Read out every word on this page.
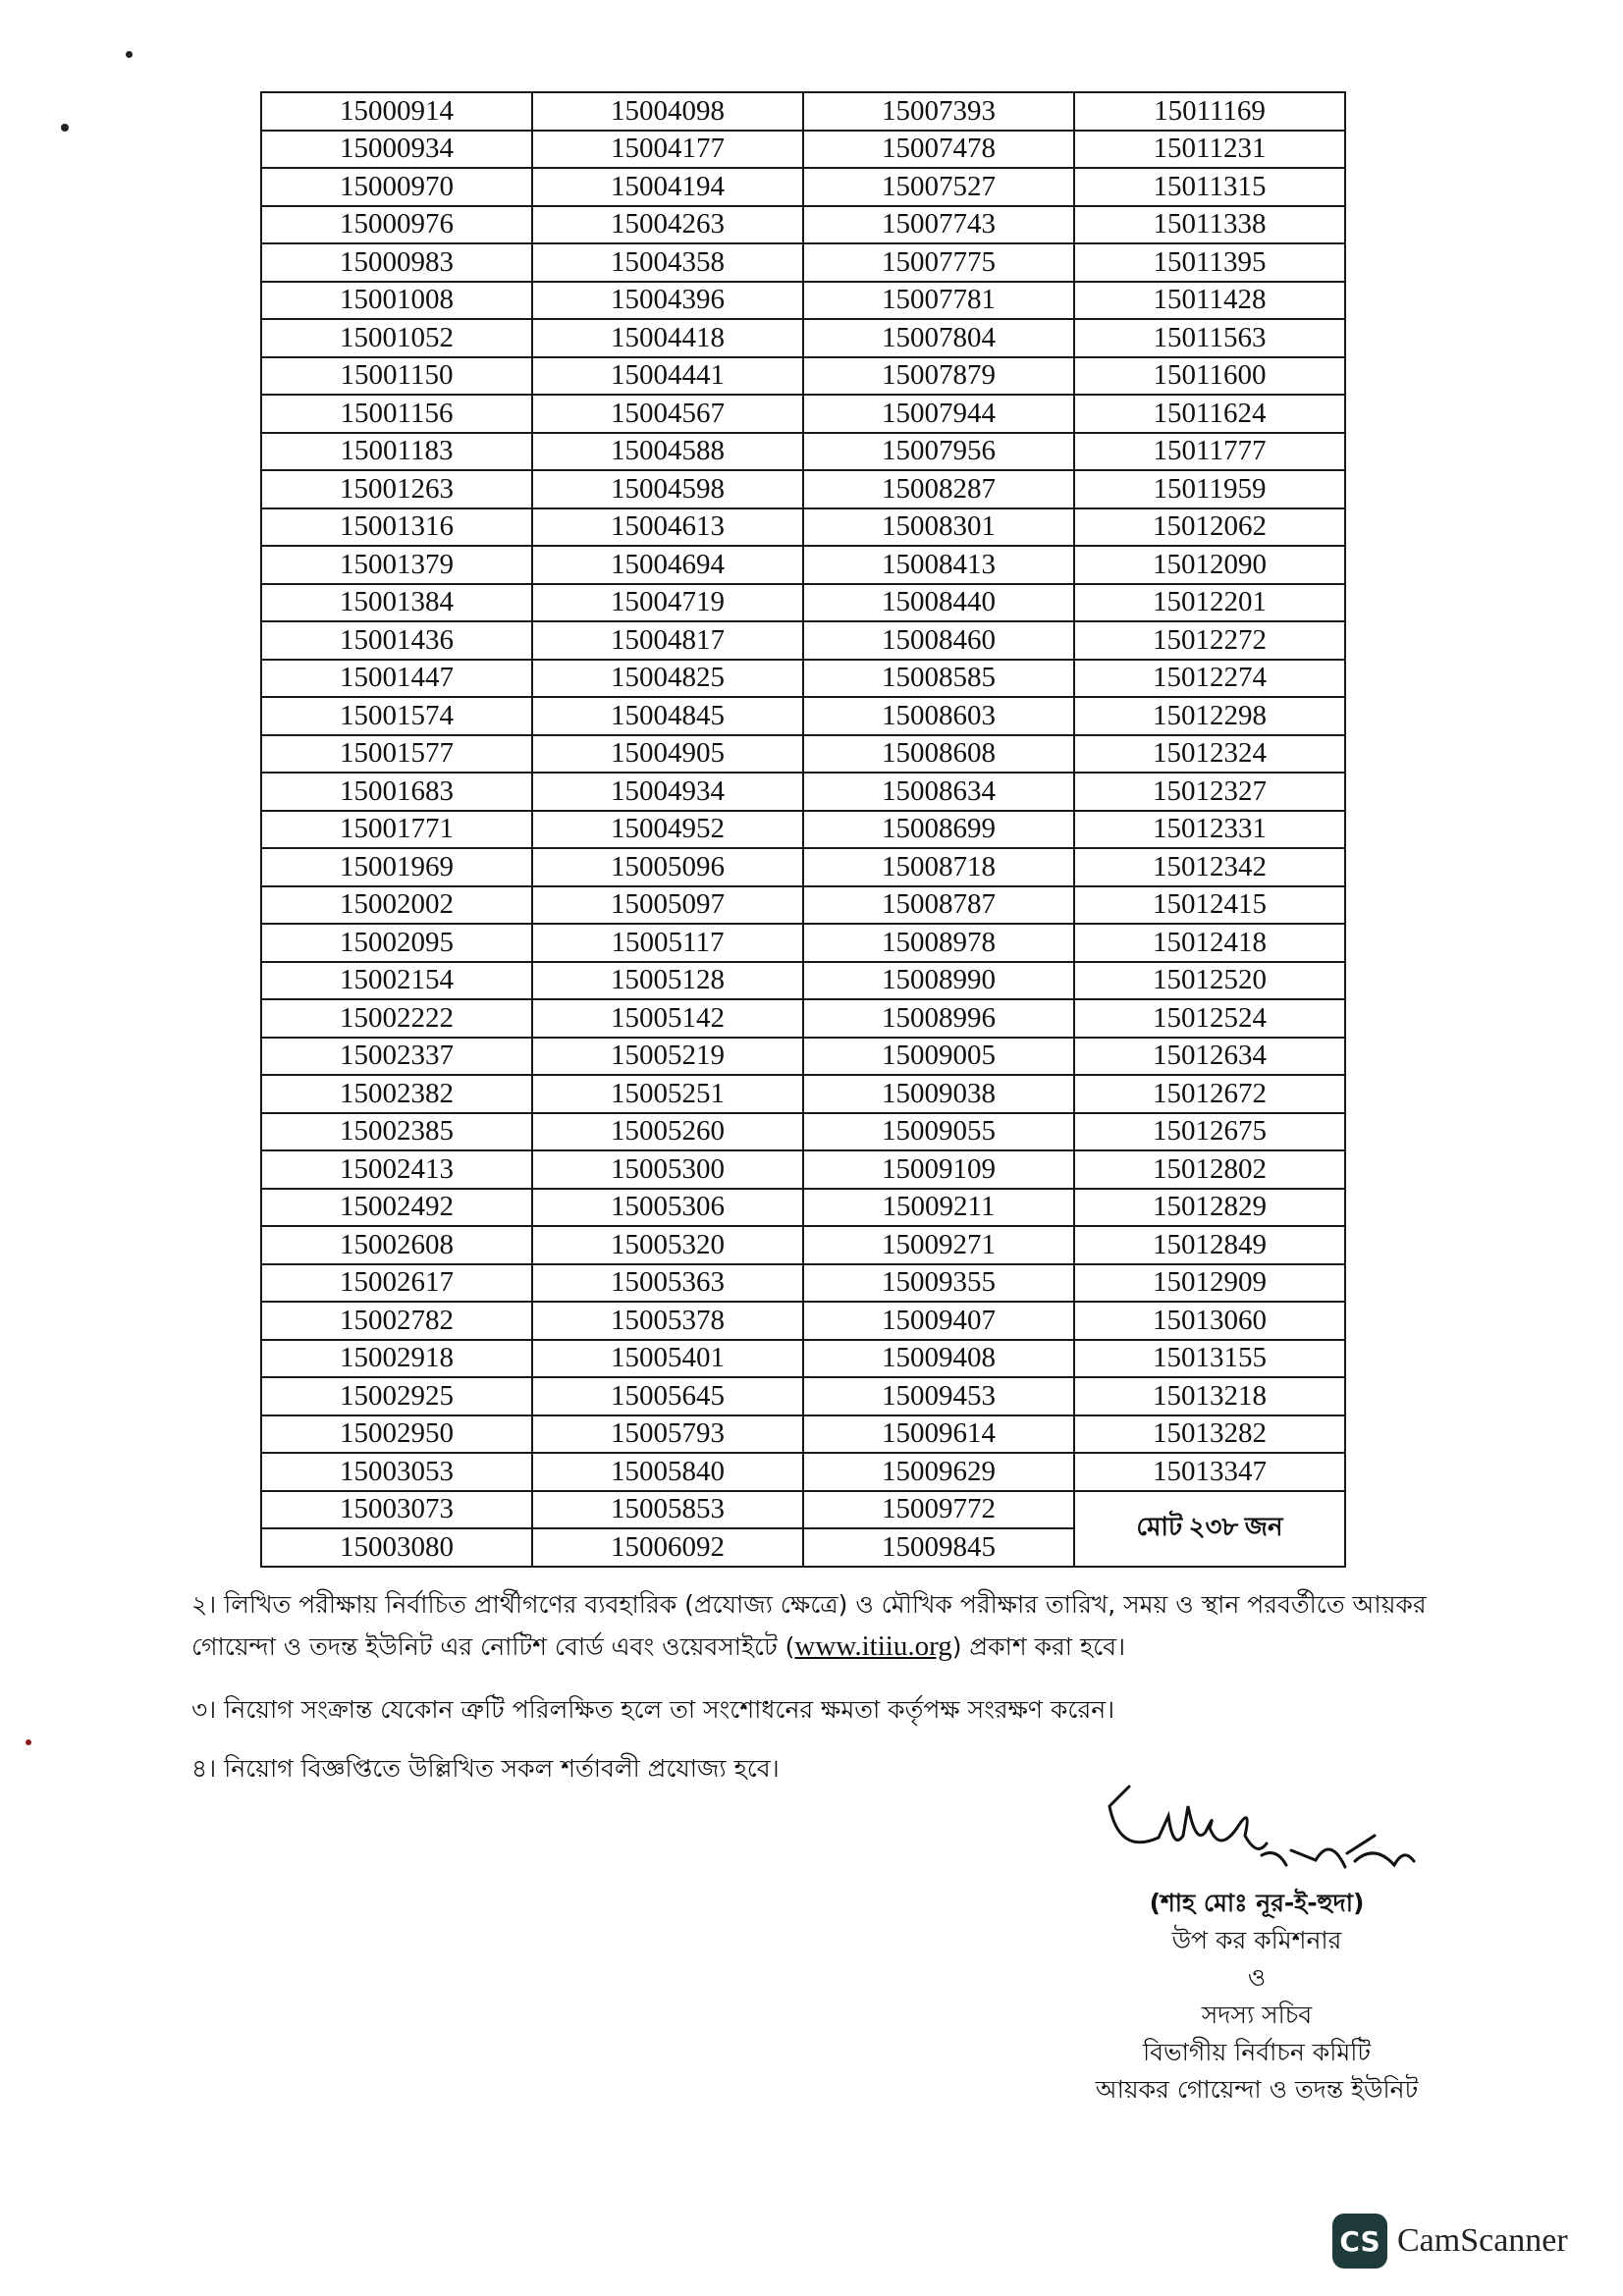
15000914	15004098	15007393	15011169
15000934	15004177	15007478	15011231
15000970	15004194	15007527	15011315
15000976	15004263	15007743	15011338
15000983	15004358	15007775	15011395
15001008	15004396	15007781	15011428
15001052	15004418	15007804	15011563
15001150	15004441	15007879	15011600
15001156	15004567	15007944	15011624
15001183	15004588	15007956	15011777
15001263	15004598	15008287	15011959
15001316	15004613	15008301	15012062
15001379	15004694	15008413	15012090
15001384	15004719	15008440	15012201
15001436	15004817	15008460	15012272
15001447	15004825	15008585	15012274
15001574	15004845	15008603	15012298
15001577	15004905	15008608	15012324
15001683	15004934	15008634	15012327
15001771	15004952	15008699	15012331
15001969	15005096	15008718	15012342
15002002	15005097	15008787	15012415
15002095	15005117	15008978	15012418
15002154	15005128	15008990	15012520
15002222	15005142	15008996	15012524
15002337	15005219	15009005	15012634
15002382	15005251	15009038	15012672
15002385	15005260	15009055	15012675
15002413	15005300	15009109	15012802
15002492	15005306	15009211	15012829
15002608	15005320	15009271	15012849
15002617	15005363	15009355	15012909
15002782	15005378	15009407	15013060
15002918	15005401	15009408	15013155
15002925	15005645	15009453	15013218
15002950	15005793	15009614	15013282
15003053	15005840	15009629	15013347
15003073	15005853	15009772	মোট ২৩৮ জন
15003080	15006092	15009845	
২। লিখিত পরীক্ষায় নির্বাচিত প্রার্থীগণের ব্যবহারিক (প্রযোজ্য ক্ষেত্রে) ও মৌখিক পরীক্ষার তারিখ, সময় ও স্থান পরবর্তীতে আয়কর গোয়েন্দা ও তদন্ত ইউনিট এর নোটিশ বোর্ড এবং ওয়েবসাইটে (www.itiiu.org) প্রকাশ করা হবে।
৩। নিয়োগ সংক্রান্ত যেকোন ত্রুটি পরিলক্ষিত হলে তা সংশোধনের ক্ষমতা কর্তৃপক্ষ সংরক্ষণ করেন।
৪। নিয়োগ বিজ্ঞপ্তিতে উল্লিখিত সকল শর্তাবলী প্রযোজ্য হবে।
(শাহ মোঃ নূর-ই-হুদা)
উপ কর কমিশনার
ও
সদস্য সচিব
বিভাগীয় নির্বাচন কমিটি
আয়কর গোয়েন্দা ও তদন্ত ইউনিট
CS CamScanner
